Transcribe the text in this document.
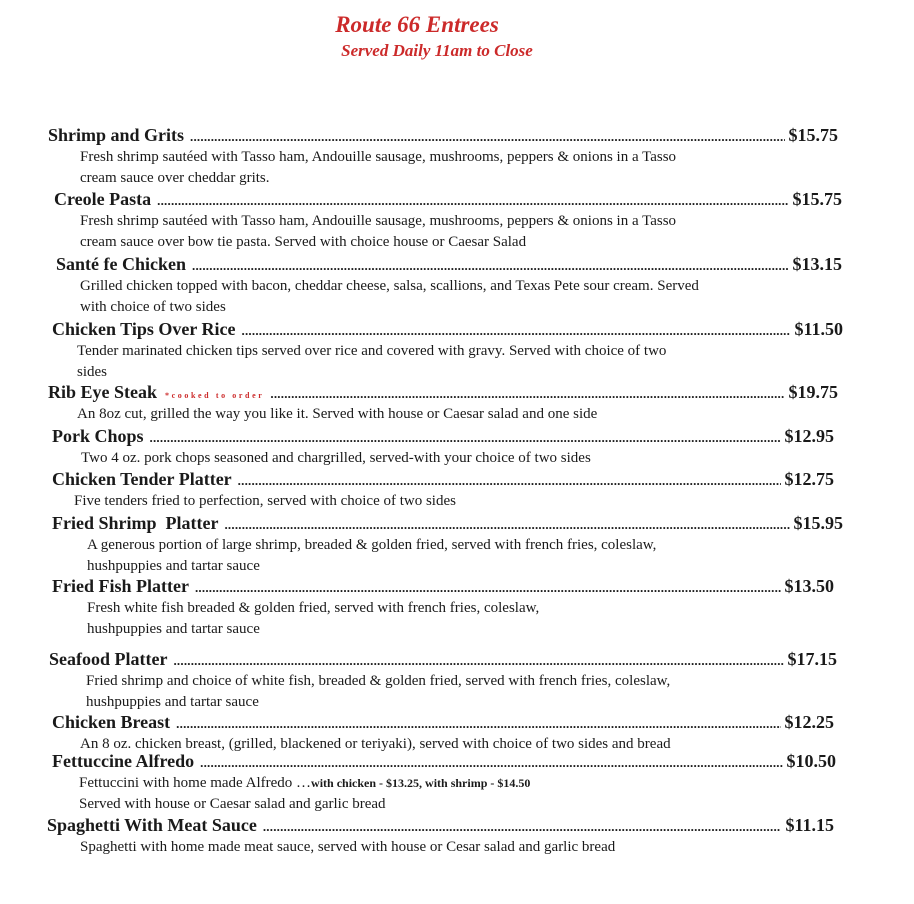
Route 66 Entrees
Served Daily 11am to Close
Shrimp and Grits .....	$15.75
Fresh shrimp sautéed with Tasso ham, Andouille sausage, mushrooms, peppers & onions in a Tasso
cream sauce over cheddar grits.
Creole Pasta .....	$15.75
Fresh shrimp sautéed with Tasso ham, Andouille sausage, mushrooms, peppers & onions in a Tasso
cream sauce over bow tie pasta. Served with choice house or Caesar Salad
Santé fe Chicken .....	$13.15
Grilled chicken topped with bacon, cheddar cheese, salsa, scallions, and Texas Pete sour cream. Served
with choice of two sides
Chicken Tips Over Rice .....	$11.50
Tender marinated chicken tips served over rice and covered with gravy. Served with choice of two
sides
Rib Eye Steak *cooked to order .....	$19.75
An 8oz cut, grilled the way you like it. Served with house or Caesar salad and one side
Pork Chops .....	$12.95
Two 4 oz. pork chops seasoned and chargrilled, served-with your choice of two sides
Chicken Tender Platter .....	$12.75
Five tenders fried to perfection, served with choice of two sides
Fried Shrimp  Platter .....	$15.95
A generous portion of large shrimp, breaded & golden fried, served with french fries, coleslaw,
hushpuppies and tartar sauce
Fried Fish Platter .....	$13.50
Fresh white fish breaded & golden fried, served with french fries, coleslaw,
hushpuppies and tartar sauce
Seafood Platter .....	$17.15
Fried shrimp and choice of white fish, breaded & golden fried, served with french fries, coleslaw,
hushpuppies and tartar sauce
Chicken Breast .....	$12.25
An 8 oz. chicken breast, (grilled, blackened or teriyaki), served with choice of two sides and bread
Fettuccine Alfredo .....	$10.50
Fettuccini with home made Alfredo …with chicken - $13.25, with shrimp - $14.50
Served with house or Caesar salad and garlic bread
Spaghetti With Meat Sauce .....	$11.15
Spaghetti with home made meat sauce, served with house or Cesar salad and garlic bread
